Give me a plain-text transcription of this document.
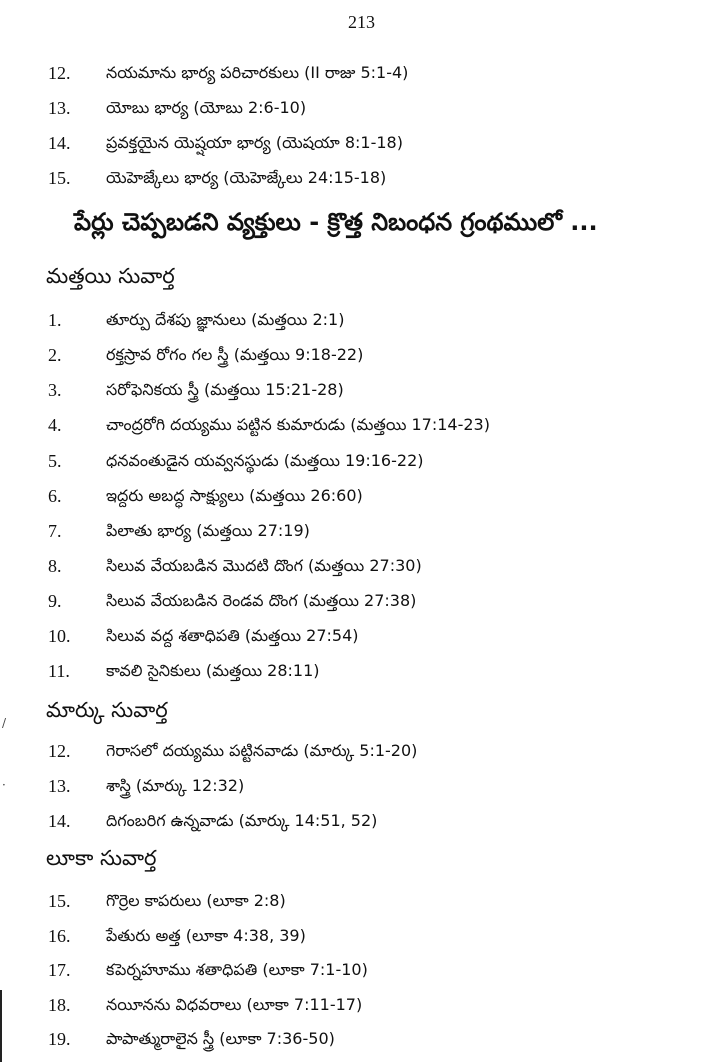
213
12. నయమాను భార్య పరిచారకులు (II రాజు 5:1-4)
13. యోబు భార్య (యోబు 2:6-10)
14. ప్రవక్తయైన యెష్షయా భార్య (యెషయా 8:1-18)
15. యెహెజ్కేలు భార్య (యెహెజ్కేలు 24:15-18)
పేర్లు చెప్పబడని వ్యక్తులు - క్రొత్త నిబంధన గ్రంథములో ...
మత్తయి సువార్త
1.	తూర్పు దేశపు జ్ఞానులు (మత్తయి 2:1)
2.	రక్తస్రావ రోగం గల స్త్రీ (మత్తయి 9:18-22)
3.	సరోఫెనికయ స్త్రీ (మత్తయి 15:21-28)
4.	చాంద్రరోగి దయ్యము పట్టిన కుమారుడు (మత్తయి 17:14-23)
5.	ధనవంతుడైన యవ్వనస్థుడు (మత్తయి 19:16-22)
6.	ఇద్దరు అబద్ధ సాక్ష్యులు (మత్తయి 26:60)
7.	పిలాతు భార్య (మత్తయి 27:19)
8.	సిలువ వేయబడిన మొదటి దొంగ (మత్తయి 27:30)
9.	సిలువ వేయబడిన రెండవ దొంగ (మత్తయి 27:38)
10. సిలువ వద్ద శతాధిపతి (మత్తయి 27:54)
11. కావలి సైనికులు (మత్తయి 28:11)
/
మార్కు సువార్త
12. గెరాసలో దయ్యము పట్టినవాడు (మార్కు 5:1-20)
· 13. శాస్త్రి (మార్కు 12:32)
14. దిగంబరిగ ఉన్నవాడు (మార్కు 14:51, 52)
లూకా సువార్త
15. గొర్రెల కాపరులు (లూకా 2:8)
16. పేతురు అత్త (లూకా 4:38, 39)
17. కపెర్నహూము శతాధిపతి (లూకా 7:1-10)
18. నయీనను విధవరాలు (లూకా 7:11-17)
19. పాపాత్మురాలైన స్త్రీ (లూకా 7:36-50)
